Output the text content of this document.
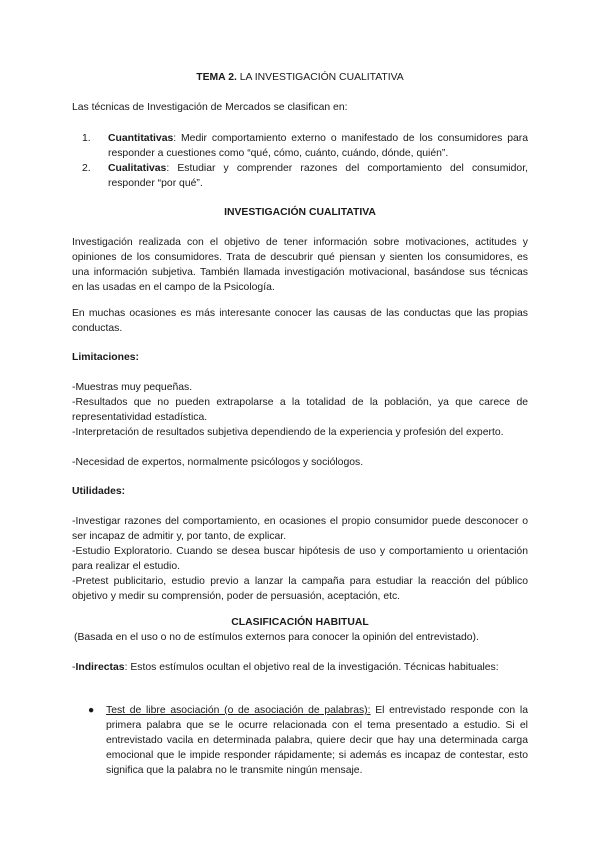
TEMA 2. LA INVESTIGACIÓN CUALITATIVA

Las técnicas de Investigación de Mercados se clasifican en:

1.	Cuantitativas: Medir comportamiento externo o manifestado de los consumidores para responder a cuestiones como “qué, cómo, cuánto, cuándo, dónde, quién”.
2.	Cualitativas: Estudiar y comprender razones del comportamiento del consumidor, responder “por qué”.

INVESTIGACIÓN CUALITATIVA

Investigación realizada con el objetivo de tener información sobre motivaciones, actitudes y opiniones de los consumidores. Trata de descubrir qué piensan y sienten los consumidores, es una información subjetiva. También llamada investigación motivacional, basándose sus técnicas en las usadas en el campo de la Psicología.

En muchas ocasiones es más interesante conocer las causas de las conductas que las propias conductas.

Limitaciones:

-Muestras muy pequeñas.

-Resultados que no pueden extrapolarse a la totalidad de la población, ya que carece de representatividad estadística.

-Interpretación de resultados subjetiva dependiendo de la experiencia y profesión del experto.

-Necesidad de expertos, normalmente psicólogos y sociólogos.

Utilidades:

-Investigar razones del comportamiento, en ocasiones el propio consumidor puede desconocer o ser incapaz de admitir y, por tanto, de explicar.

-Estudio Exploratorio. Cuando se desea buscar hipótesis de uso y comportamiento u orientación para realizar el estudio.

-Pretest publicitario, estudio previo a lanzar la campaña para estudiar la reacción del público objetivo y medir su comprensión, poder de persuasión, aceptación, etc.

CLASIFICACIÓN HABITUAL

(Basada en el uso o no de estímulos externos para conocer la opinión del entrevistado).

-Indirectas: Estos estímulos ocultan el objetivo real de la investigación. Técnicas habituales:

● Test de libre asociación (o de asociación de palabras): El entrevistado responde con la primera palabra que se le ocurre relacionada con el tema presentado a estudio. Si el entrevistado vacila en determinada palabra, quiere decir que hay una determinada carga emocional que le impide responder rápidamente; si además es incapaz de contestar, esto significa que la palabra no le transmite ningún mensaje.
